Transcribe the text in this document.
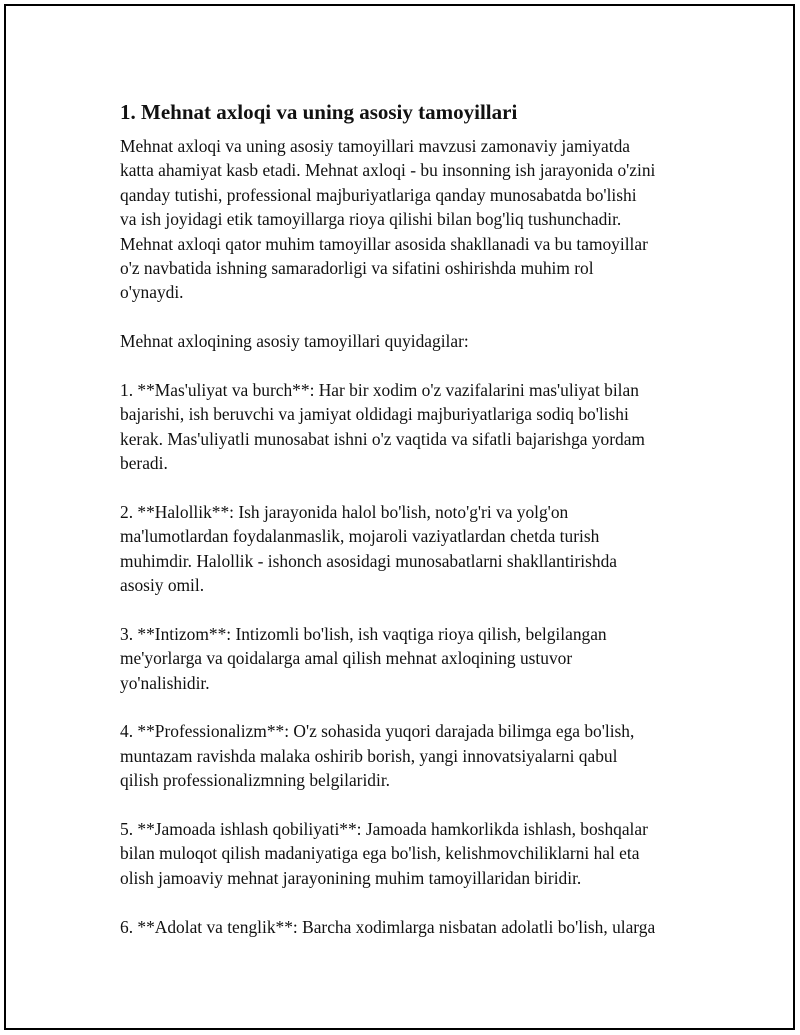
1. Mehnat axloqi va uning asosiy tamoyillari

Mehnat axloqi va uning asosiy tamoyillari mavzusi zamonaviy jamiyatda

katta ahamiyat kasb etadi. Mehnat axloqi - bu insonning ish jarayonida o'zini

qanday tutishi, professional majburiyatlariga qanday munosabatda bo'lishi

va ish joyidagi etik tamoyillarga rioya qilishi bilan bog'liq tushunchadir.

Mehnat axloqi qator muhim tamoyillar asosida shakllanadi va bu tamoyillar

o'z navbatida ishning samaradorligi va sifatini oshirishda muhim rol

o'ynaydi.

Mehnat axloqining asosiy tamoyillari quyidagilar:

1. **Mas'uliyat va burch**: Har bir xodim o'z vazifalarini mas'uliyat bilan

bajarishi, ish beruvchi va jamiyat oldidagi majburiyatlariga sodiq bo'lishi

kerak. Mas'uliyatli munosabat ishni o'z vaqtida va sifatli bajarishga yordam

beradi.

2. **Halollik**: Ish jarayonida halol bo'lish, noto'g'ri va yolg'on

ma'lumotlardan foydalanmaslik, mojaroli vaziyatlardan chetda turish

muhimdir. Halollik - ishonch asosidagi munosabatlarni shakllantirishda

asosiy omil.

3. **Intizom**: Intizomli bo'lish, ish vaqtiga rioya qilish, belgilangan

me'yorlarga va qoidalarga amal qilish mehnat axloqining ustuvor

yo'nalishidir.

4. **Professionalizm**: O'z sohasida yuqori darajada bilimga ega bo'lish,

muntazam ravishda malaka oshirib borish, yangi innovatsiyalarni qabul

qilish professionalizmning belgilaridir.

5. **Jamoada ishlash qobiliyati**: Jamoada hamkorlikda ishlash, boshqalar

bilan muloqot qilish madaniyatiga ega bo'lish, kelishmovchiliklarni hal eta

olish jamoaviy mehnat jarayonining muhim tamoyillaridan biridir.

6. **Adolat va tenglik**: Barcha xodimlarga nisbatan adolatli bo'lish, ularga
